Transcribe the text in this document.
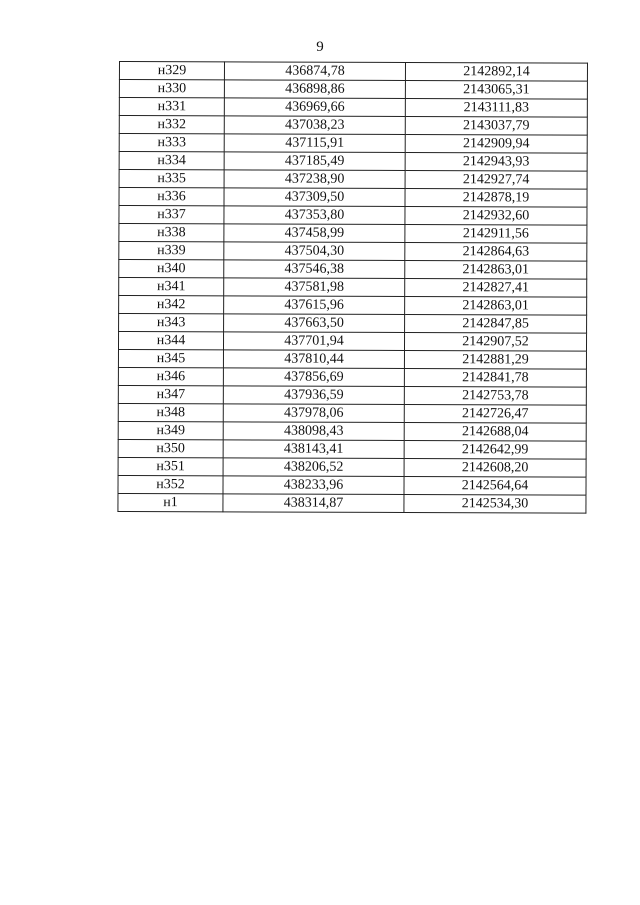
9
н329	436874,78	2142892,14
н330	436898,86	2143065,31
н331	436969,66	2143111,83
н332	437038,23	2143037,79
н333	437115,91	2142909,94
н334	437185,49	2142943,93
н335	437238,90	2142927,74
н336	437309,50	2142878,19
н337	437353,80	2142932,60
н338	437458,99	2142911,56
н339	437504,30	2142864,63
н340	437546,38	2142863,01
н341	437581,98	2142827,41
н342	437615,96	2142863,01
н343	437663,50	2142847,85
н344	437701,94	2142907,52
н345	437810,44	2142881,29
н346	437856,69	2142841,78
н347	437936,59	2142753,78
н348	437978,06	2142726,47
н349	438098,43	2142688,04
н350	438143,41	2142642,99
н351	438206,52	2142608,20
н352	438233,96	2142564,64
н1	438314,87	2142534,30
